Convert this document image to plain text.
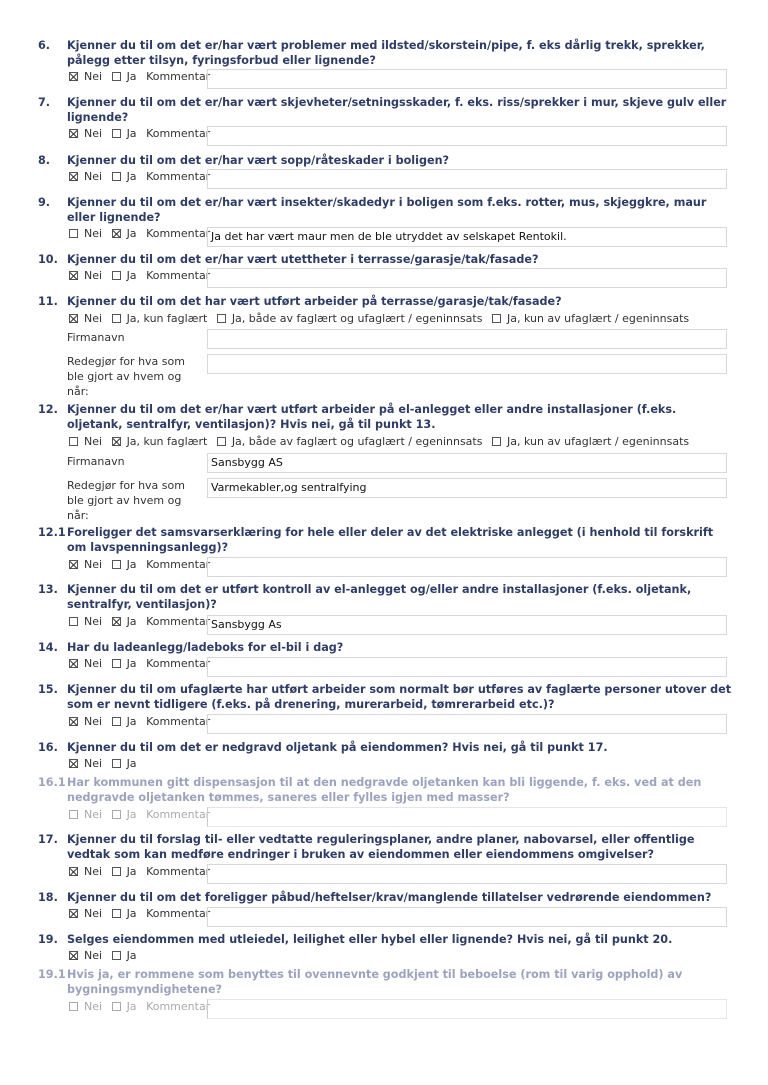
6. Kjenner du til om det er/har vært problemer med ildsted/skorstein/pipe, f. eks dårlig trekk, sprekker, pålegg etter tilsyn, fyringsforbud eller lignende?
Nei Ja Kommentar
7. Kjenner du til om det er/har vært skjevheter/setningsskader, f. eks. riss/sprekker i mur, skjeve gulv eller lignende?
Nei Ja Kommentar
8. Kjenner du til om det er/har vært sopp/råteskader i boligen?
Nei Ja Kommentar
9. Kjenner du til om det er/har vært insekter/skadedyr i boligen som f.eks. rotter, mus, skjeggkre, maur eller lignende?
Nei Ja Kommentar Ja det har vært maur men de ble utryddet av selskapet Rentokil.
10. Kjenner du til om det er/har vært utettheter i terrasse/garasje/tak/fasade?
Nei Ja Kommentar
11. Kjenner du til om det har vært utført arbeider på terrasse/garasje/tak/fasade?
Nei Ja, kun faglært Ja, både av faglært og ufaglært / egeninnsats Ja, kun av ufaglært / egeninnsats
Firmanavn
Redegjør for hva som ble gjort av hvem og når:
12. Kjenner du til om det er/har vært utført arbeider på el-anlegget eller andre installasjoner (f.eks. oljetank, sentralfyr, ventilasjon)? Hvis nei, gå til punkt 13.
Nei Ja, kun faglært Ja, både av faglært og ufaglært / egeninnsats Ja, kun av ufaglært / egeninnsats
Firmanavn	Sansbygg AS
Redegjør for hva som ble gjort av hvem og når:
Varmekabler,og sentralfying
12.1 Foreligger det samsvarserklæring for hele eller deler av det elektriske anlegget (i henhold til forskrift om lavspenningsanlegg)?
Nei Ja Kommentar
13. Kjenner du til om det er utført kontroll av el-anlegget og/eller andre installasjoner (f.eks. oljetank, sentralfyr, ventilasjon)?
Nei Ja Kommentar Sansbygg As
14. Har du ladeanlegg/ladeboks for el-bil i dag?
Nei Ja Kommentar
15. Kjenner du til om ufaglærte har utført arbeider som normalt bør utføres av faglærte personer utover det som er nevnt tidligere (f.eks. på drenering, murerarbeid, tømrerarbeid etc.)?
Nei Ja Kommentar
16. Kjenner du til om det er nedgravd oljetank på eiendommen? Hvis nei, gå til punkt 17.
Nei Ja
16.1 Har kommunen gitt dispensasjon til at den nedgravde oljetanken kan bli liggende, f. eks. ved at den nedgravde oljetanken tømmes, saneres eller fylles igjen med masser?
Nei Ja Kommentar
17. Kjenner du til forslag til- eller vedtatte reguleringsplaner, andre planer, nabovarsel, eller offentlige vedtak som kan medføre endringer i bruken av eiendommen eller eiendommens omgivelser?
Nei Ja Kommentar
18. Kjenner du til om det foreligger påbud/heftelser/krav/manglende tillatelser vedrørende eiendommen?
Nei Ja Kommentar
19. Selges eiendommen med utleiedel, leilighet eller hybel eller lignende? Hvis nei, gå til punkt 20.
Nei Ja
19.1 Hvis ja, er rommene som benyttes til ovennevnte godkjent til beboelse (rom til varig opphold) av bygningsmyndighetene?
Nei Ja Kommentar
